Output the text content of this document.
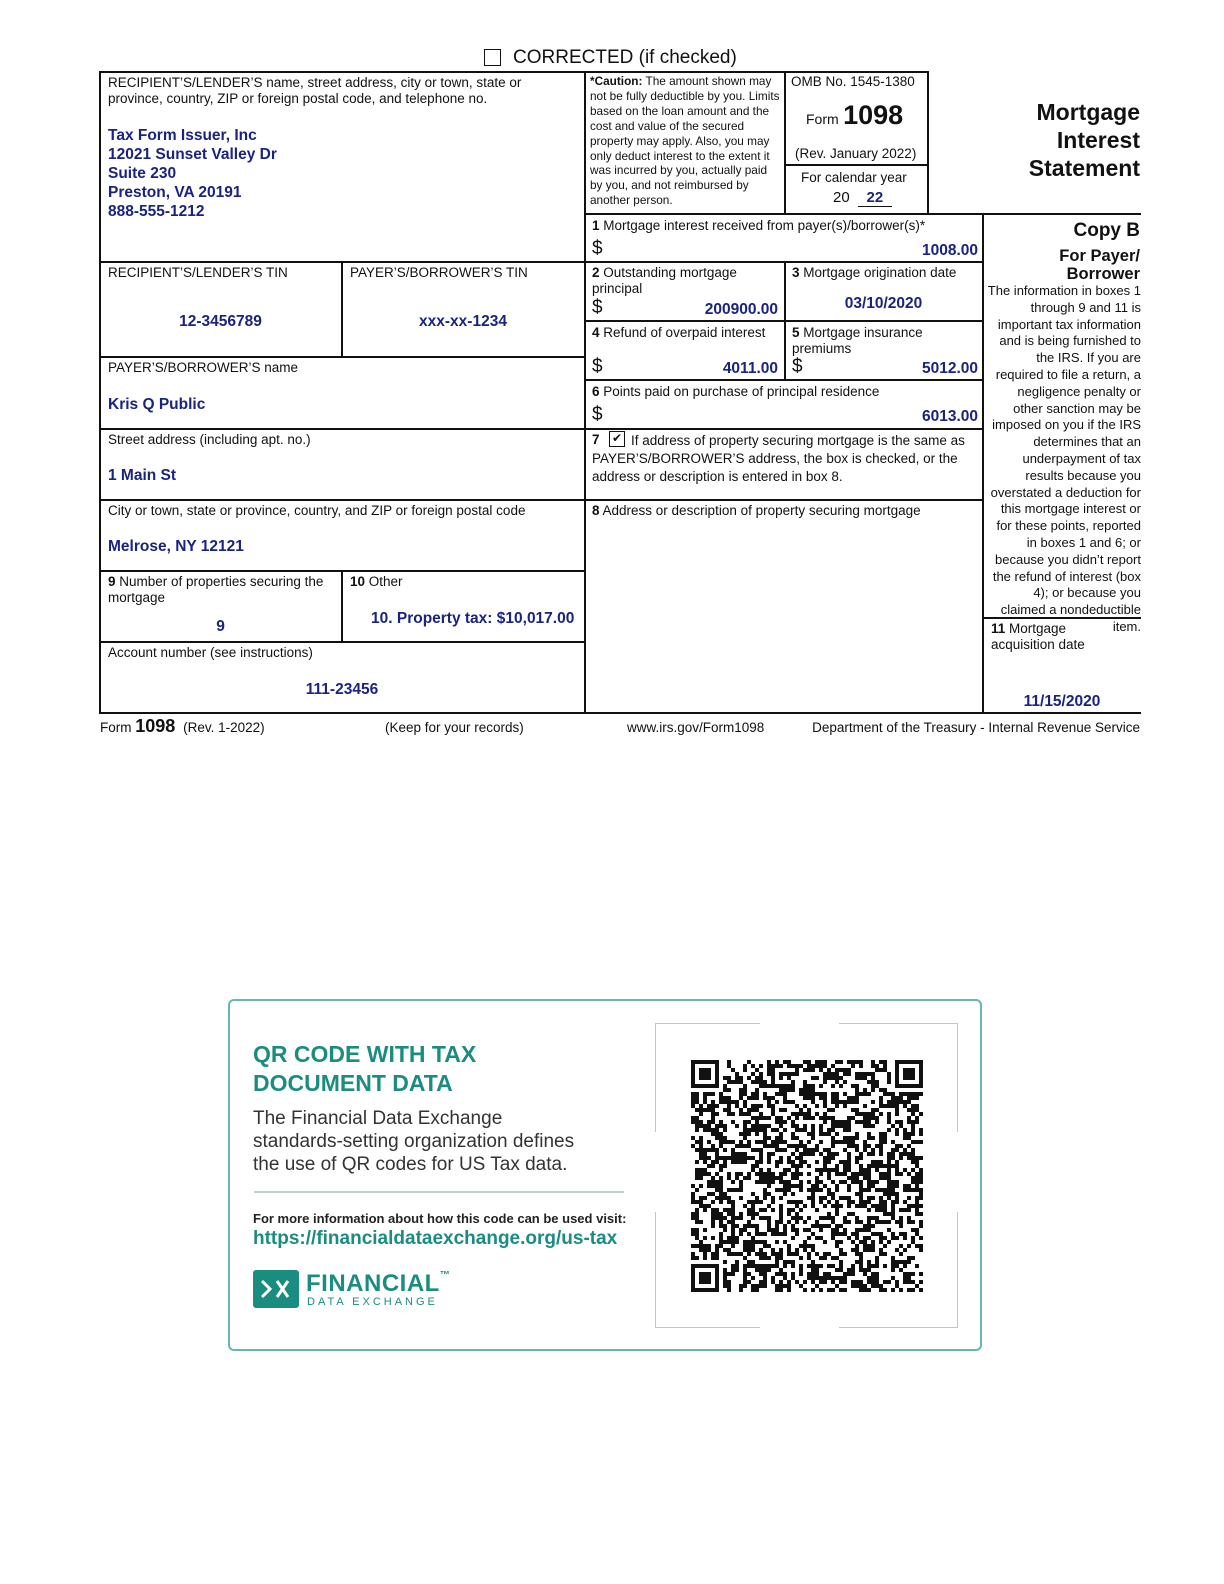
CORRECTED (if checked)
RECIPIENT’S/LENDER’S name, street address, city or town, state or province, country, ZIP or foreign postal code, and telephone no.
Tax Form Issuer, Inc
12021 Sunset Valley Dr
Suite 230
Preston, VA 20191
888-555-1212
*Caution: The amount shown may not be fully deductible by you. Limits based on the loan amount and the cost and value of the secured property may apply. Also, you may only deduct interest to the extent it was incurred by you, actually paid by you, and not reimbursed by another person.
OMB No. 1545-1380
Form 1098
(Rev. January 2022)
For calendar year
20 22
Mortgage
Interest
Statement
Copy B
For Payer/
Borrower
The information in boxes 1 through 9 and 11 is important tax information and is being furnished to the IRS. If you are required to file a return, a negligence penalty or other sanction may be imposed on you if the IRS determines that an underpayment of tax results because you overstated a deduction for this mortgage interest or for these points, reported in boxes 1 and 6; or because you didn’t report the refund of interest (box 4); or because you claimed a nondeductible item.
1 Mortgage interest received from payer(s)/borrower(s)*
$	1008.00
RECIPIENT’S/LENDER’S TIN
12-3456789
PAYER’S/BORROWER’S TIN
xxx-xx-1234
2 Outstanding mortgage principal
$	200900.00
3 Mortgage origination date
03/10/2020
4 Refund of overpaid interest
$	4011.00
5 Mortgage insurance premiums
$	5012.00
PAYER’S/BORROWER’S name
Kris Q Public
6 Points paid on purchase of principal residence
$	6013.00
Street address (including apt. no.)
1 Main St
7 ✔ If address of property securing mortgage is the same as PAYER’S/BORROWER’S address, the box is checked, or the address or description is entered in box 8.
City or town, state or province, country, and ZIP or foreign postal code
Melrose, NY 12121
8 Address or description of property securing mortgage
9 Number of properties securing the mortgage
9
10 Other
10. Property tax: $10,017.00
Account number (see instructions)
111-23456
11 Mortgage acquisition date
11/15/2020
Form 1098 (Rev. 1-2022)	(Keep for your records)	www.irs.gov/Form1098	Department of the Treasury - Internal Revenue Service
QR CODE WITH TAX
DOCUMENT DATA
The Financial Data Exchange
standards-setting organization defines
the use of QR codes for US Tax data.
For more information about how this code can be used visit:
https://financialdataexchange.org/us-tax
FINANCIAL™
DATA EXCHANGE
